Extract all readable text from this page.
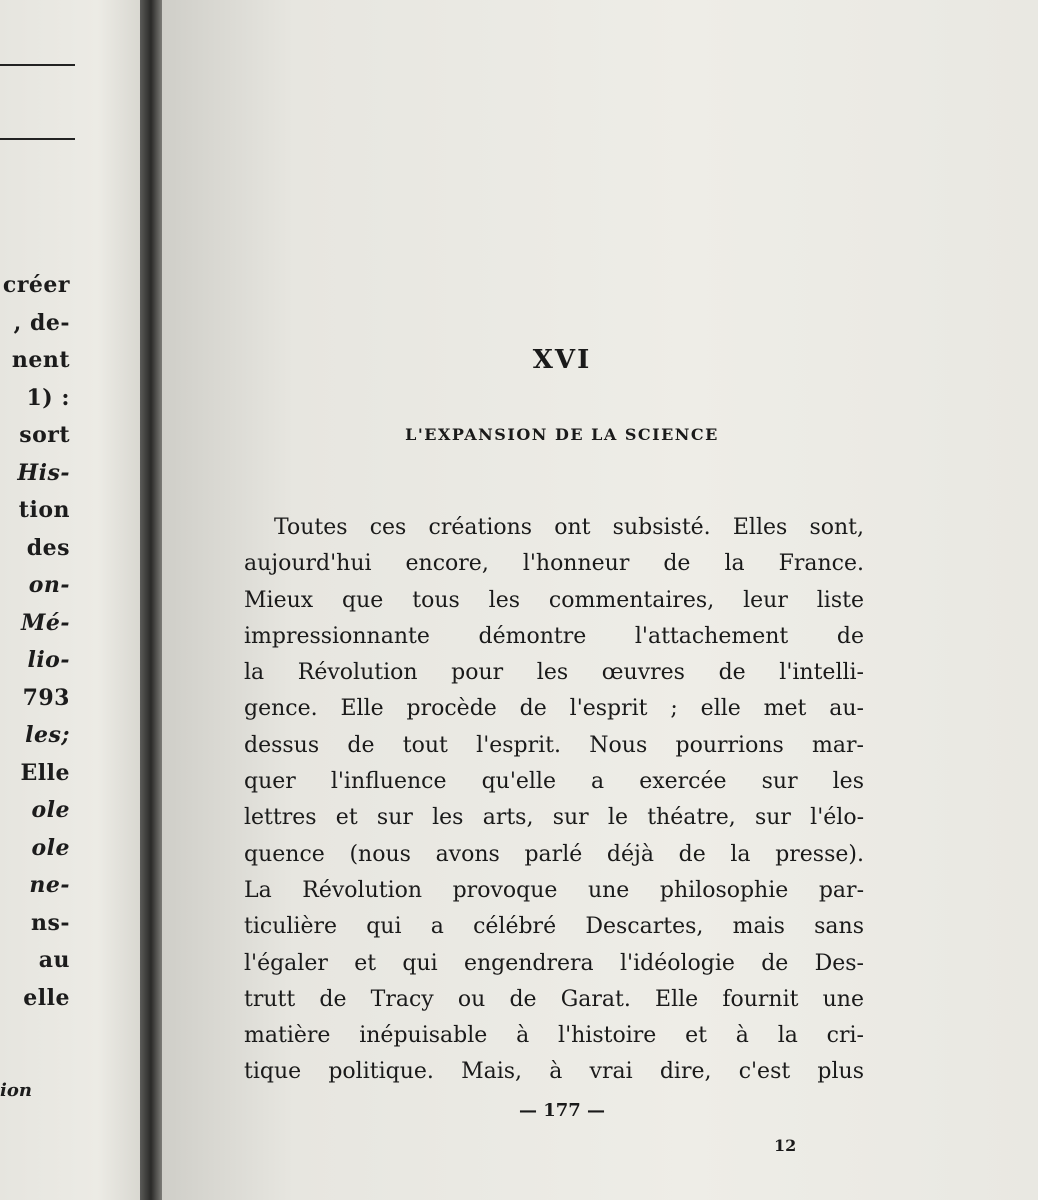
créer
, de-
nent
1) :
sort
His-
tion
des
on-
Mé-
lio-
793
les;
Elle
ole
ole
ne-
ns-
au
elle
ion
XVI
L'EXPANSION DE LA SCIENCE
Toutes ces créations ont subsisté. Elles sont,
aujourd'hui encore, l'honneur de la France.
Mieux que tous les commentaires, leur liste
impressionnante démontre l'attachement de
la Révolution pour les œuvres de l'intelli-
gence. Elle procède de l'esprit ; elle met au-
dessus de tout l'esprit. Nous pourrions mar-
quer l'influence qu'elle a exercée sur les
lettres et sur les arts, sur le théatre, sur l'élo-
quence (nous avons parlé déjà de la presse).
La Révolution provoque une philosophie par-
ticulière qui a célébré Descartes, mais sans
l'égaler et qui engendrera l'idéologie de Des-
trutt de Tracy ou de Garat. Elle fournit une
matière inépuisable à l'histoire et à la cri-
tique politique. Mais, à vrai dire, c'est plus
— 177 —
12
